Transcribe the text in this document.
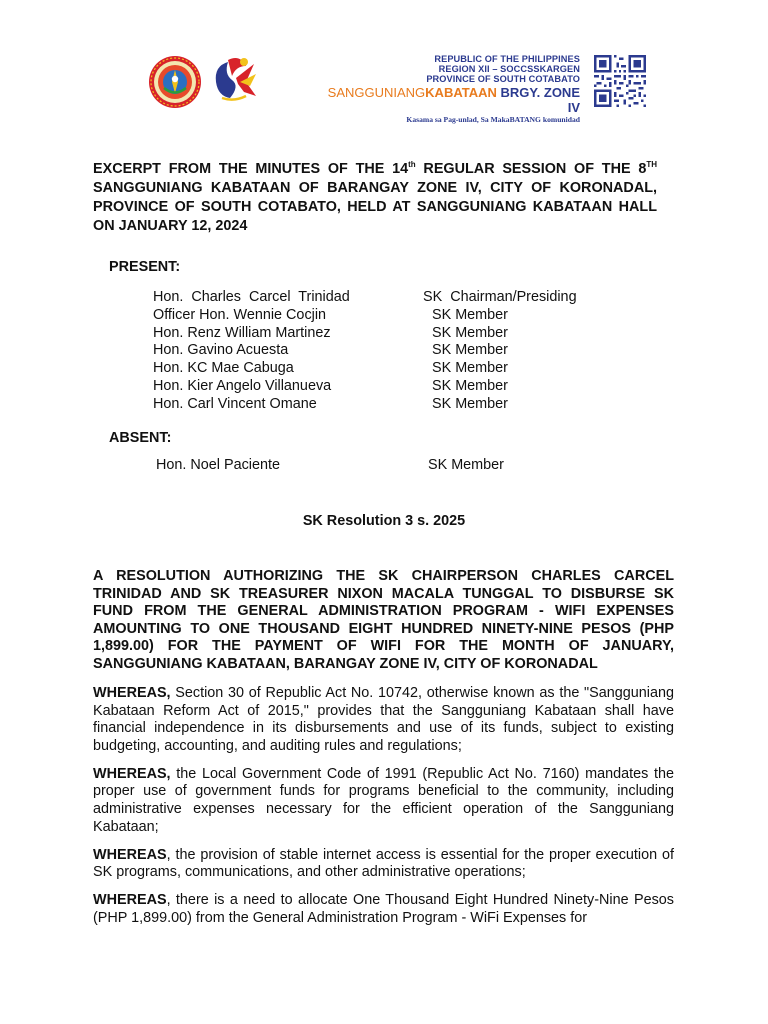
REPUBLIC OF THE PHILIPPINES
REGION XII – SOCCSSKARGEN
PROVINCE OF SOUTH COTABATO
SANGGUNIANGKABATAAN BRGY. ZONE IV
Kasama sa Pag-unlad, Sa MakaBATANG komunidad

EXCERPT FROM THE MINUTES OF THE 14th REGULAR SESSION OF THE 8TH SANGGUNIANG KABATAAN OF BARANGAY ZONE IV, CITY OF KORONADAL, PROVINCE OF SOUTH COTABATO, HELD AT SANGGUNIANG KABATAAN HALL ON JANUARY 12, 2024

PRESENT:

Hon.  Charles  Carcel  Trinidad	SK  Chairman/Presiding
Officer Hon. Wennie Cocjin	SK Member
Hon. Renz William Martinez	SK Member
Hon. Gavino Acuesta	SK Member
Hon. KC Mae Cabuga	SK Member
Hon. Kier Angelo Villanueva	SK Member
Hon. Carl Vincent Omane	SK Member

ABSENT:

Hon. Noel Paciente	SK Member

SK Resolution 3 s. 2025

A RESOLUTION AUTHORIZING THE SK CHAIRPERSON CHARLES CARCEL TRINIDAD AND SK TREASURER NIXON MACALA TUNGGAL TO DISBURSE SK FUND FROM THE GENERAL ADMINISTRATION PROGRAM - WIFI EXPENSES AMOUNTING TO ONE THOUSAND EIGHT HUNDRED NINETY-NINE PESOS (PHP 1,899.00) FOR THE PAYMENT OF WIFI FOR THE MONTH OF JANUARY, SANGGUNIANG KABATAAN, BARANGAY ZONE IV, CITY OF KORONADAL

WHEREAS, Section 30 of Republic Act No. 10742, otherwise known as the "Sangguniang Kabataan Reform Act of 2015," provides that the Sangguniang Kabataan shall have financial independence in its disbursements and use of its funds, subject to existing budgeting, accounting, and auditing rules and regulations;

WHEREAS, the Local Government Code of 1991 (Republic Act No. 7160) mandates the proper use of government funds for programs beneficial to the community, including administrative expenses necessary for the efficient operation of the Sangguniang Kabataan;

WHEREAS, the provision of stable internet access is essential for the proper execution of SK programs, communications, and other administrative operations;

WHEREAS, there is a need to allocate One Thousand Eight Hundred Ninety-Nine Pesos (PHP 1,899.00) from the General Administration Program - WiFi Expenses for
